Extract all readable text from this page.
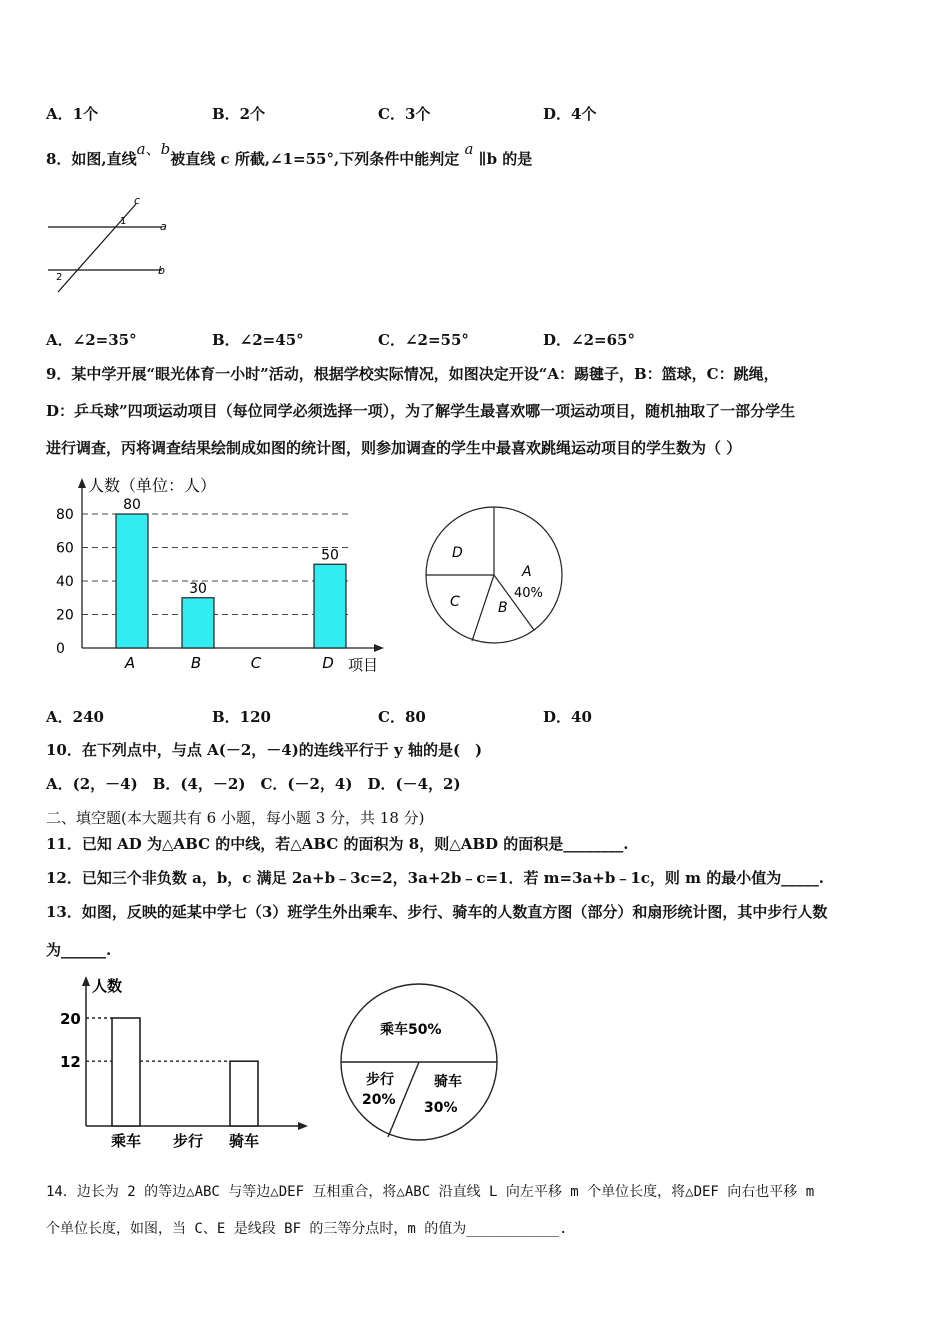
A．1个	B．2个	C．3个	D．4个
8．如图,直线a、b被直线 c 所截,∠1=55°,下列条件中能判定 a ∥b 的是
c
1	a
2
b
A．∠2=35°	B．∠2=45°	C．∠2=55°	D．∠2=65°
9．某中学开展“眼光体育一小时”活动，根据学校实际情况，如图决定开设“A：踢毽子，B：篮球，C：跳绳，
D：乒乓球”四项运动项目（每位同学必须选择一项），为了解学生最喜欢哪一项运动项目，随机抽取了一部分学生
进行调查，丙将调查结果绘制成如图的统计图，则参加调查的学生中最喜欢跳绳运动项目的学生数为（ ）
人数（单位：人）
项目
0
20
40
60
80
80
A
30
B	C
50
D
A
40%
B
C
D
A．240	B．120	C．80	D．40
10．在下列点中，与点 A(－2，－4)的连线平行于 y 轴的是(　)
A．(2，－4)　B．(4，－2)　C．(－2，4)　D．(－4，2)
二、填空题(本大题共有 6 小题，每小题 3 分，共 18 分)
11．已知 AD 为△ABC 的中线，若△ABC 的面积为 8，则△ABD 的面积是________.
12．已知三个非负数 a，b，c 满足 2a+b﹣3c=2，3a+2b﹣c=1．若 m=3a+b﹣1c，则 m 的最小值为_____.
13．如图，反映的延某中学七（3）班学生外出乘车、步行、骑车的人数直方图（部分）和扇形统计图，其中步行人数
为______.
人数
20
12
乘车 步行 骑车
乘车50%
步行
20%
骑车
30%
14．边长为 2 的等边△ABC 与等边△DEF 互相重合，将△ABC 沿直线 L 向左平移 m 个单位长度，将△DEF 向右也平移 m
个单位长度，如图，当 C、E 是线段 BF 的三等分点时，m 的值为___________.
